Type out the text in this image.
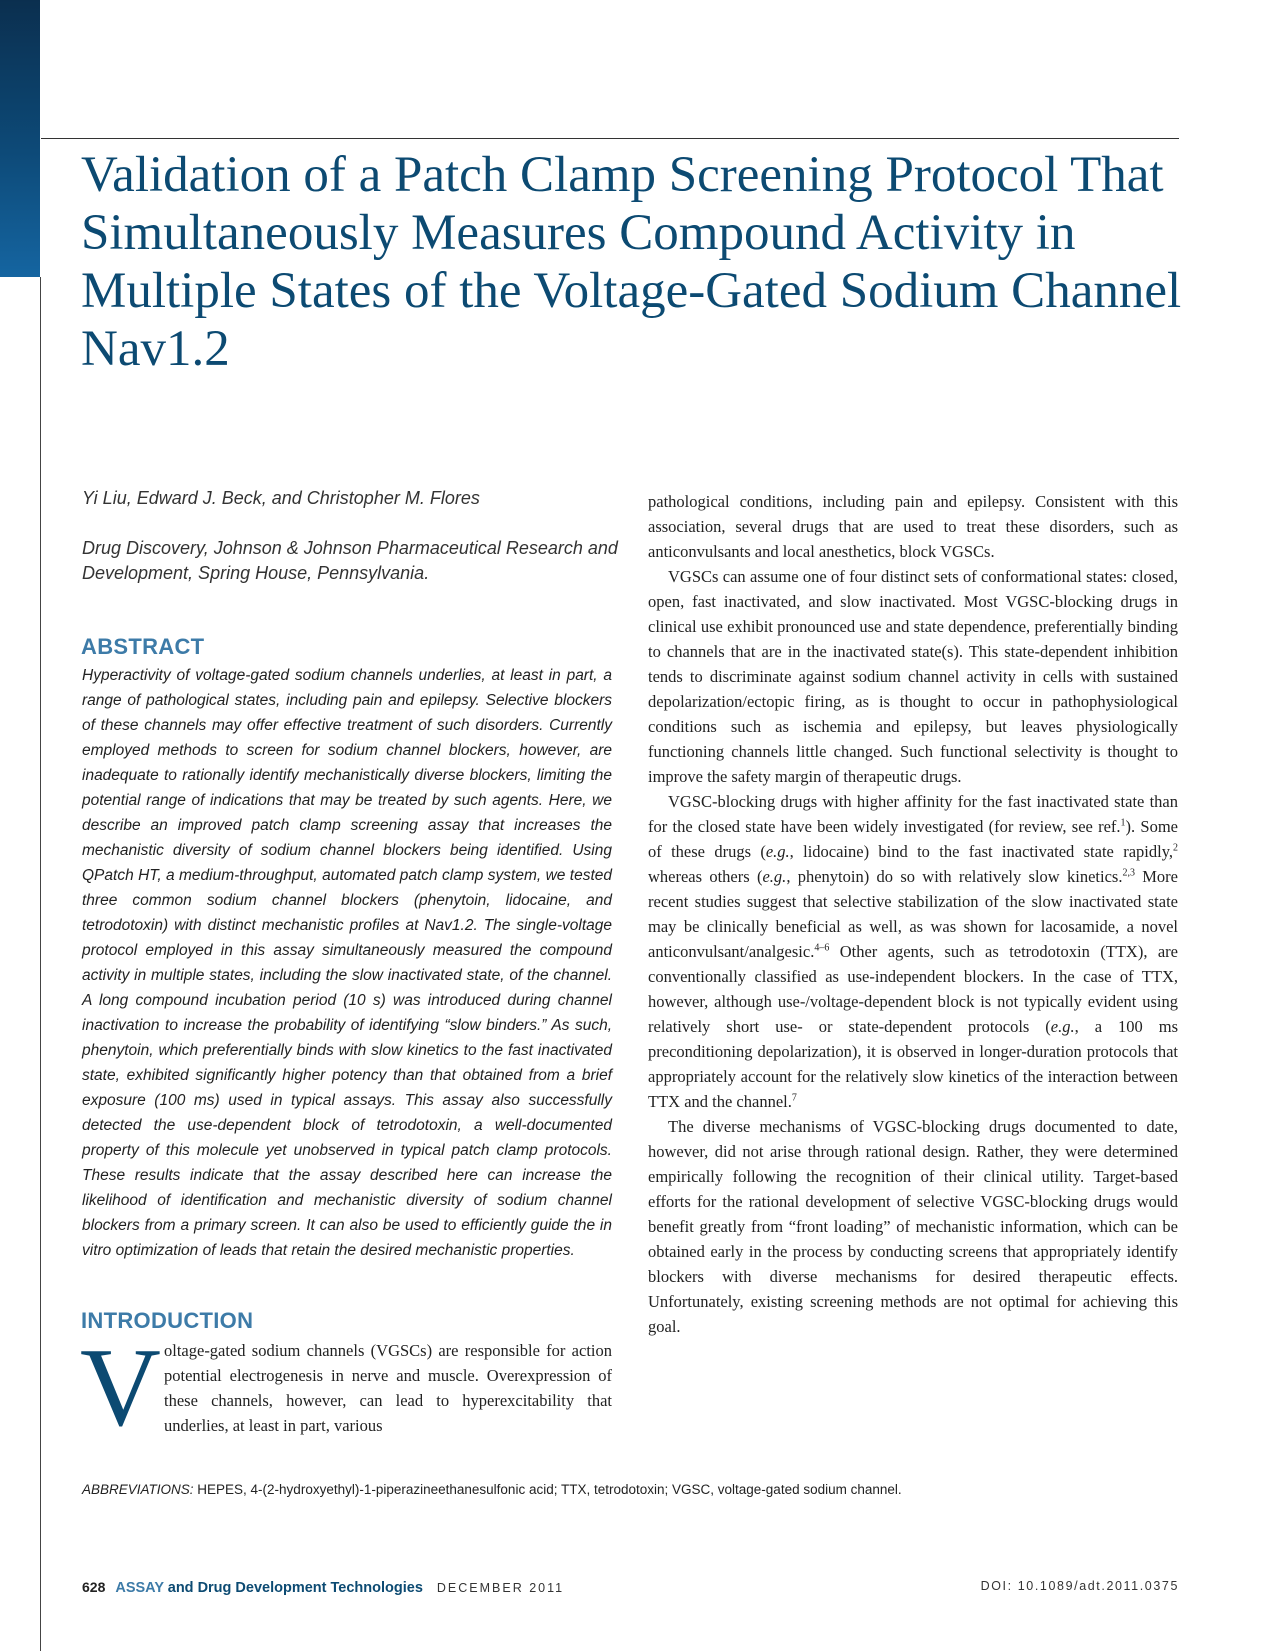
Validation of a Patch Clamp Screening Protocol That Simultaneously Measures Compound Activity in Multiple States of the Voltage-Gated Sodium Channel Nav1.2
Yi Liu, Edward J. Beck, and Christopher M. Flores
Drug Discovery, Johnson & Johnson Pharmaceutical Research and Development, Spring House, Pennsylvania.
ABSTRACT

Hyperactivity of voltage-gated sodium channels underlies, at least in part, a range of pathological states, including pain and epilepsy. Selective blockers of these channels may offer effective treatment of such disorders. Currently employed methods to screen for sodium channel blockers, however, are inadequate to rationally identify mechanistically diverse blockers, limiting the potential range of indications that may be treated by such agents. Here, we describe an improved patch clamp screening assay that increases the mechanistic diversity of sodium channel blockers being identified. Using QPatch HT, a medium-throughput, automated patch clamp system, we tested three common sodium channel blockers (phenytoin, lidocaine, and tetrodotoxin) with distinct mechanistic profiles at Nav1.2. The single-voltage protocol employed in this assay simultaneously measured the compound activity in multiple states, including the slow inactivated state, of the channel. A long compound incubation period (10 s) was introduced during channel inactivation to increase the probability of identifying “slow binders.” As such, phenytoin, which preferentially binds with slow kinetics to the fast inactivated state, exhibited significantly higher potency than that obtained from a brief exposure (100 ms) used in typical assays. This assay also successfully detected the use-dependent block of tetrodotoxin, a well-documented property of this molecule yet unobserved in typical patch clamp protocols. These results indicate that the assay described here can increase the likelihood of identification and mechanistic diversity of sodium channel blockers from a primary screen. It can also be used to efficiently guide the in vitro optimization of leads that retain the desired mechanistic properties.

INTRODUCTION
V oltage-gated sodium channels (VGSCs) are responsible for action potential electrogenesis in nerve and muscle. Overexpression of these channels, however, can lead to hyperexcitability that underlies, at least in part, various

pathological conditions, including pain and epilepsy. Consistent with this association, several drugs that are used to treat these disorders, such as anticonvulsants and local anesthetics, block VGSCs.

VGSCs can assume one of four distinct sets of conformational states: closed, open, fast inactivated, and slow inactivated. Most VGSC-blocking drugs in clinical use exhibit pronounced use and state dependence, preferentially binding to channels that are in the inactivated state(s). This state-dependent inhibition tends to discriminate against sodium channel activity in cells with sustained depolarization/ectopic firing, as is thought to occur in pathophysiological conditions such as ischemia and epilepsy, but leaves physiologically functioning channels little changed. Such functional selectivity is thought to improve the safety margin of therapeutic drugs.

VGSC-blocking drugs with higher affinity for the fast inactivated state than for the closed state have been widely investigated (for review, see ref.$^1$). Some of these drugs (e.g., lidocaine) bind to the fast inactivated state rapidly,$^2$ whereas others (e.g., phenytoin) do so with relatively slow kinetics.$^{2,3}$ More recent studies suggest that selective stabilization of the slow inactivated state may be clinically beneficial as well, as was shown for lacosamide, a novel anticonvulsant/analgesic.$^{4-6}$ Other agents, such as tetrodotoxin (TTX), are conventionally classified as use-independent blockers. In the case of TTX, however, although use-/voltage-dependent block is not typically evident using relatively short use- or state-dependent protocols (e.g., a 100 ms preconditioning depolarization), it is observed in longer-duration protocols that appropriately account for the relatively slow kinetics of the interaction between TTX and the channel.$^7$

The diverse mechanisms of VGSC-blocking drugs documented to date, however, did not arise through rational design. Rather, they were determined empirically following the recognition of their clinical utility. Target-based efforts for the rational development of selective VGSC-blocking drugs would benefit greatly from “front loading” of mechanistic information, which can be obtained early in the process by conducting screens that appropriately identify blockers with diverse mechanisms for desired therapeutic effects. Unfortunately, existing screening methods are not optimal for achieving this goal.

ABBREVIATIONS: HEPES, 4-(2-hydroxyethyl)-1-piperazineethanesulfonic acid; TTX, tetrodotoxin; VGSC, voltage-gated sodium channel.

628 ASSAY and Drug Development Technologies DECEMBER 2011	DOI: 10.1089/adt.2011.0375
